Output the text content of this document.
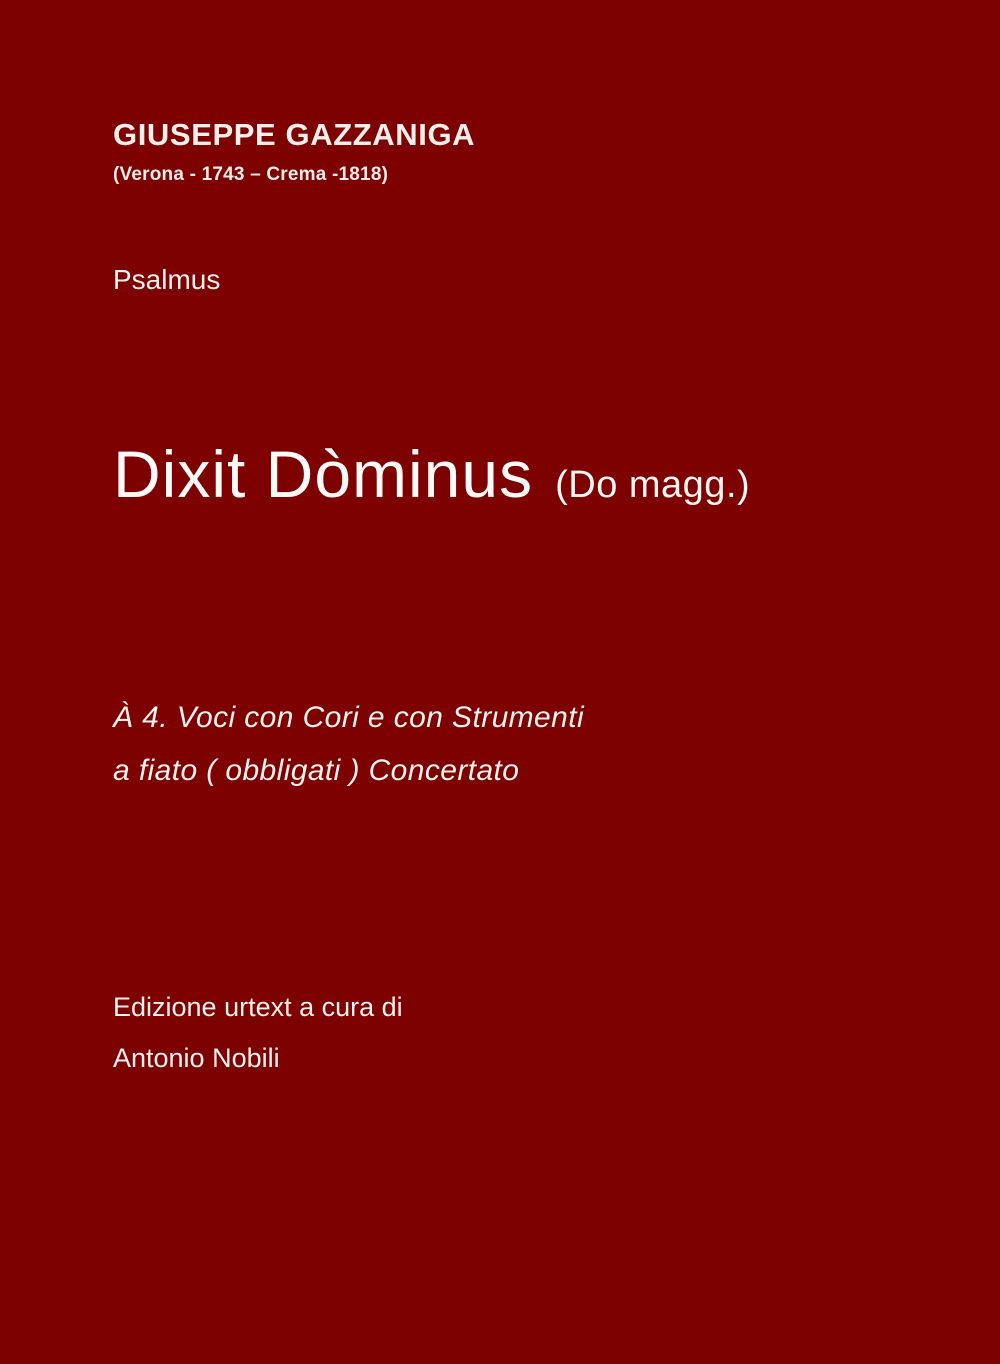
GIUSEPPE GAZZANIGA

(Verona - 1743 – Crema -1818)

Psalmus

Dixit Dòminus (Do magg.)
À 4. Voci con Cori e con Strumenti
a fiato ( obbligati ) Concertato
Edizione urtext a cura di
Antonio Nobili
